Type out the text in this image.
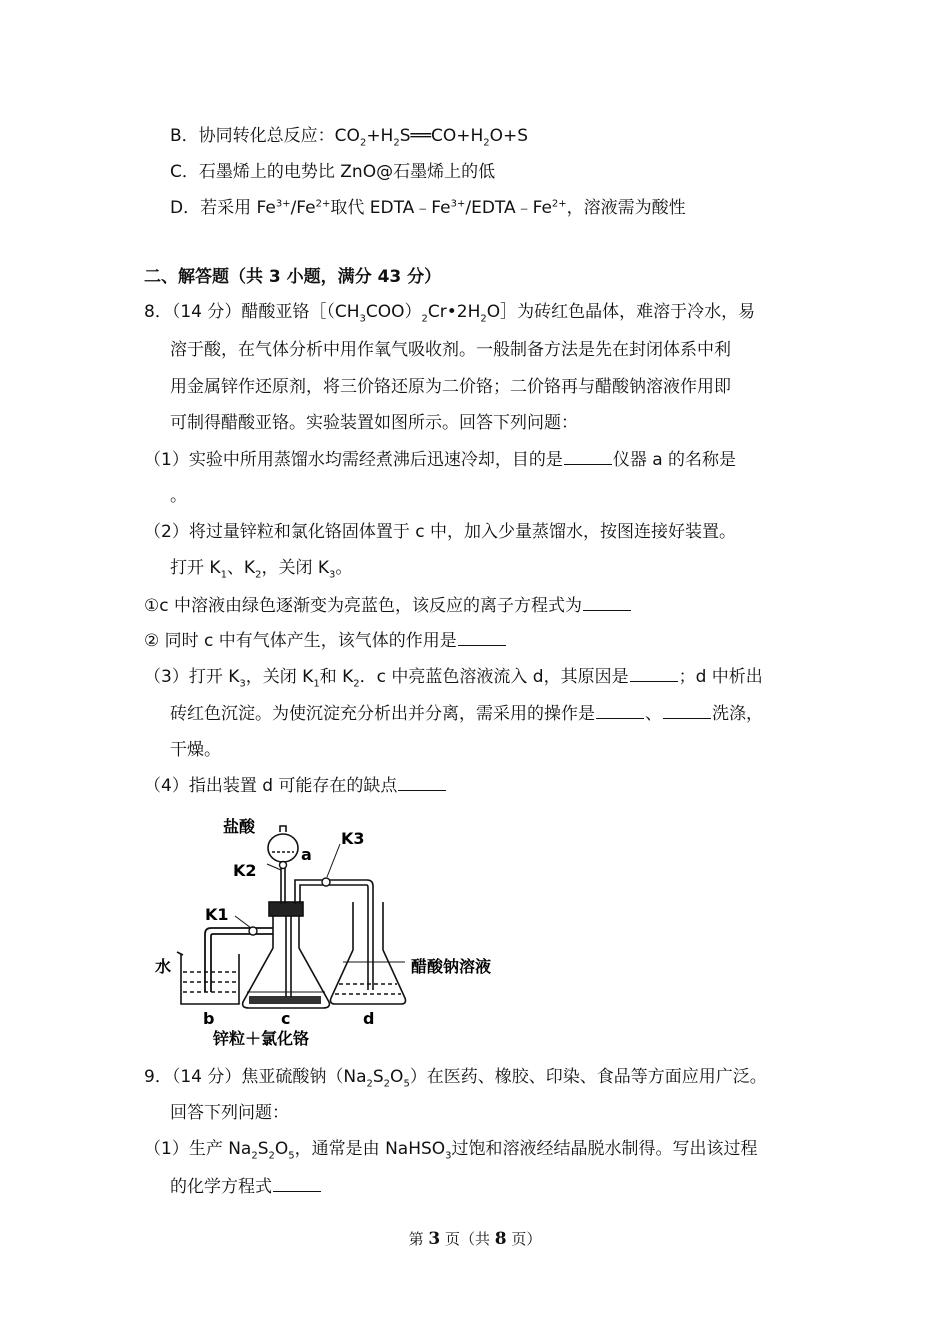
B．协同转化总反应：$CO_2+H_2S══CO+H_2O+S$
C．石墨烯上的电势比 ZnO@石墨烯上的低
D．若采用 $Fe^{3+}/Fe^{2+}$取代 $EDTA﹣Fe^{3+}/EDTA﹣Fe^{2+}$，溶液需为酸性
二、解答题（共 3 小题，满分 43 分）
8．（14 分）醋酸亚铬$[(CH_3COO)_2Cr•2H_2O]$为砖红色晶体，难溶于冷水，易
溶于酸，在气体分析中用作氧气吸收剂。一般制备方法是先在封闭体系中利
用金属锌作还原剂，将三价铬还原为二价铬；二价铬再与醋酸钠溶液作用即
可制得醋酸亚铬。实验装置如图所示。回答下列问题：
（1）实验中所用蒸馏水均需经煮沸后迅速冷却，目的是	仪器 a 的名称是
。
（2）将过量锌粒和氯化铬固体置于 c 中，加入少量蒸馏水，按图连接好装置。
打开 $K_1$、$K_2$，关闭 $K_3$。
①c 中溶液由绿色逐渐变为亮蓝色，该反应的离子方程式为
② 同时 c 中有气体产生，该气体的作用是
（3）打开 $K_3$，关闭 $K_1$和 $K_2$．c 中亮蓝色溶液流入 d，其原因是	；d 中析出
砖红色沉淀。为使沉淀充分析出并分离，需采用的操作是	、	洗涤，
干燥。
（4）指出装置 d 可能存在的缺点
盐酸
a
K3
K2
K1
水	醋酸钠溶液
b	c	d
锌粒＋氯化铬
9．（14 分）焦亚硫酸钠$(Na_2S_2O_5)$在医药、橡胶、印染、食品等方面应用广泛。
回答下列问题：
（1）生产 $Na_2S_2O_5$，通常是由 NaHSO$_3$过饱和溶液经结晶脱水制得。写出该过程
的化学方程式
第 3 页（共 8 页）
